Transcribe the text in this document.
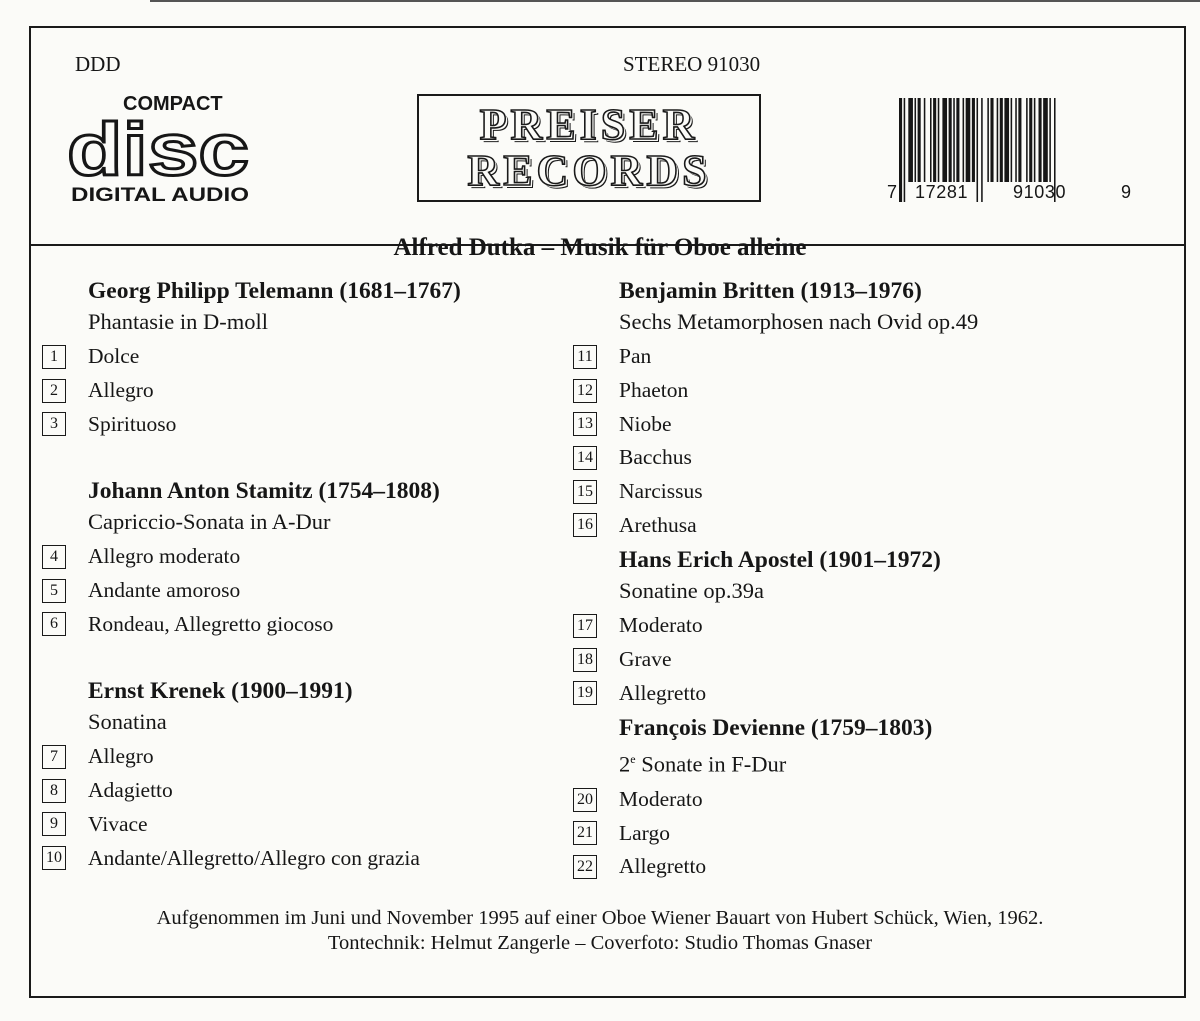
DDD	STEREO 91030
COMPACT
disc
DIGITAL AUDIO
PREISER
RECORDS	7 17281 91030	9
Alfred Dutka – Musik für Oboe alleine
Georg Philipp Telemann (1681–1767)
Phantasie in D-moll
1	Dolce
2	Allegro
3	Spirituoso
Johann Anton Stamitz (1754–1808)
Capriccio-Sonata in A-Dur
4	Allegro moderato
5	Andante amoroso
6	Rondeau, Allegretto giocoso
Ernst Krenek (1900–1991)
Sonatina
7	Allegro
8	Adagietto
9	Vivace
10 Andante/Allegretto/Allegro con grazia
Benjamin Britten (1913–1976)
Sechs Metamorphosen nach Ovid op.49
11 Pan
12 Phaeton
13 Niobe
14 Bacchus
15 Narcissus
16 Arethusa
Hans Erich Apostel (1901–1972)
Sonatine op.39a
17 Moderato
18 Grave
19 Allegretto
François Devienne (1759–1803)
2e Sonate in F-Dur
20 Moderato
21 Largo
22 Allegretto
Aufgenommen im Juni und November 1995 auf einer Oboe Wiener Bauart von Hubert Schück, Wien, 1962.
Tontechnik: Helmut Zangerle – Coverfoto: Studio Thomas Gnaser
